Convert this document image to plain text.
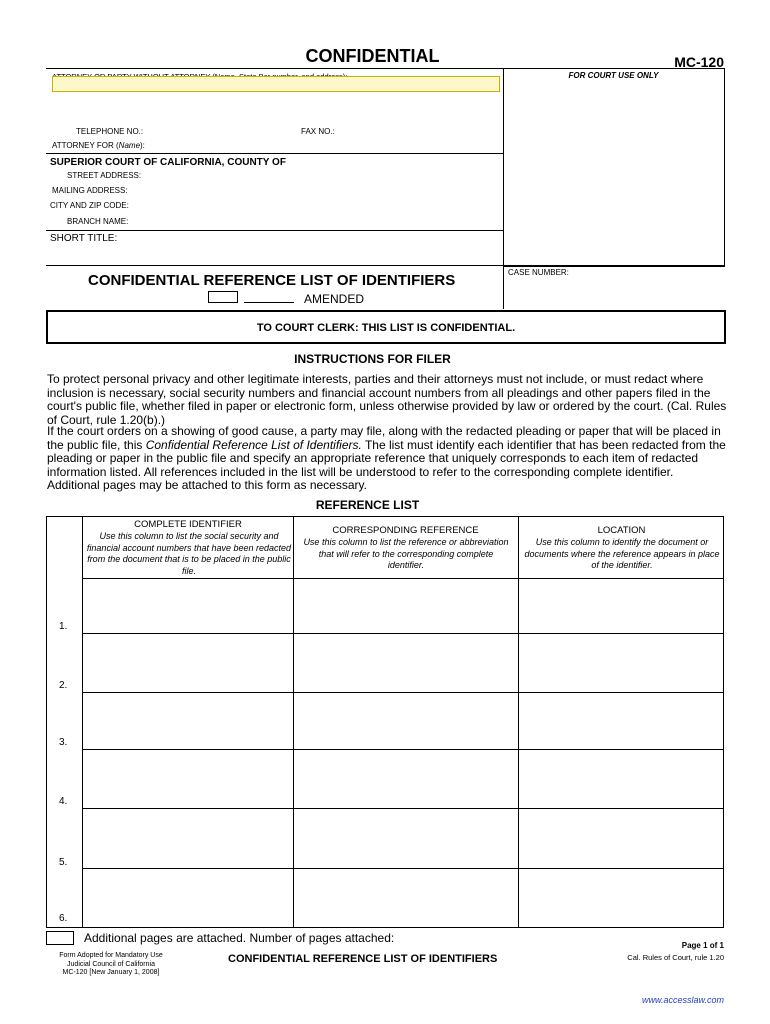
CONFIDENTIAL	MC-120
FOR COURT USE ONLY
TELEPHONE NO.:	FAX NO.:
ATTORNEY FOR (Name):
SUPERIOR COURT OF CALIFORNIA, COUNTY OF
STREET ADDRESS:
MAILING ADDRESS:
CITY AND ZIP CODE:
BRANCH NAME:
SHORT TITLE:
CONFIDENTIAL REFERENCE LIST OF IDENTIFIERS	CASE NUMBER:
AMENDED
TO COURT CLERK: THIS LIST IS CONFIDENTIAL.
INSTRUCTIONS FOR FILER
To protect personal privacy and other legitimate interests, parties and their attorneys must not include, or must redact where inclusion is necessary, social security numbers and financial account numbers from all pleadings and other papers filed in the court's public file, whether filed in paper or electronic form, unless otherwise provided by law or ordered by the court. (Cal. Rules of Court, rule 1.20(b).)
If the court orders on a showing of good cause, a party may file, along with the redacted pleading or paper that will be placed in the public file, this Confidential Reference List of Identifiers. The list must identify each identifier that has been redacted from the pleading or paper in the public file and specify an appropriate reference that uniquely corresponds to each item of redacted information listed. All references included in the list will be understood to refer to the corresponding complete identifier. Additional pages may be attached to this form as necessary.
REFERENCE LIST
COMPLETE IDENTIFIER
Use this column to list the social security and financial account numbers that have been redacted from the document that is to be placed in the public file.
CORRESPONDING REFERENCE
Use this column to list the reference or abbreviation that will refer to the corresponding complete identifier.
LOCATION
Use this column to identify the document or documents where the reference appears in place of the identifier.
1.
2.
3.
4.
5.
6.
Additional pages are attached. Number of pages attached:
Form Adopted for Mandatory Use
Judicial Council of California
MC-120 [New January 1, 2008]
CONFIDENTIAL REFERENCE LIST OF IDENTIFIERS
Page 1 of 1
Cal. Rules of Court, rule 1.20
www.accesslaw.com
